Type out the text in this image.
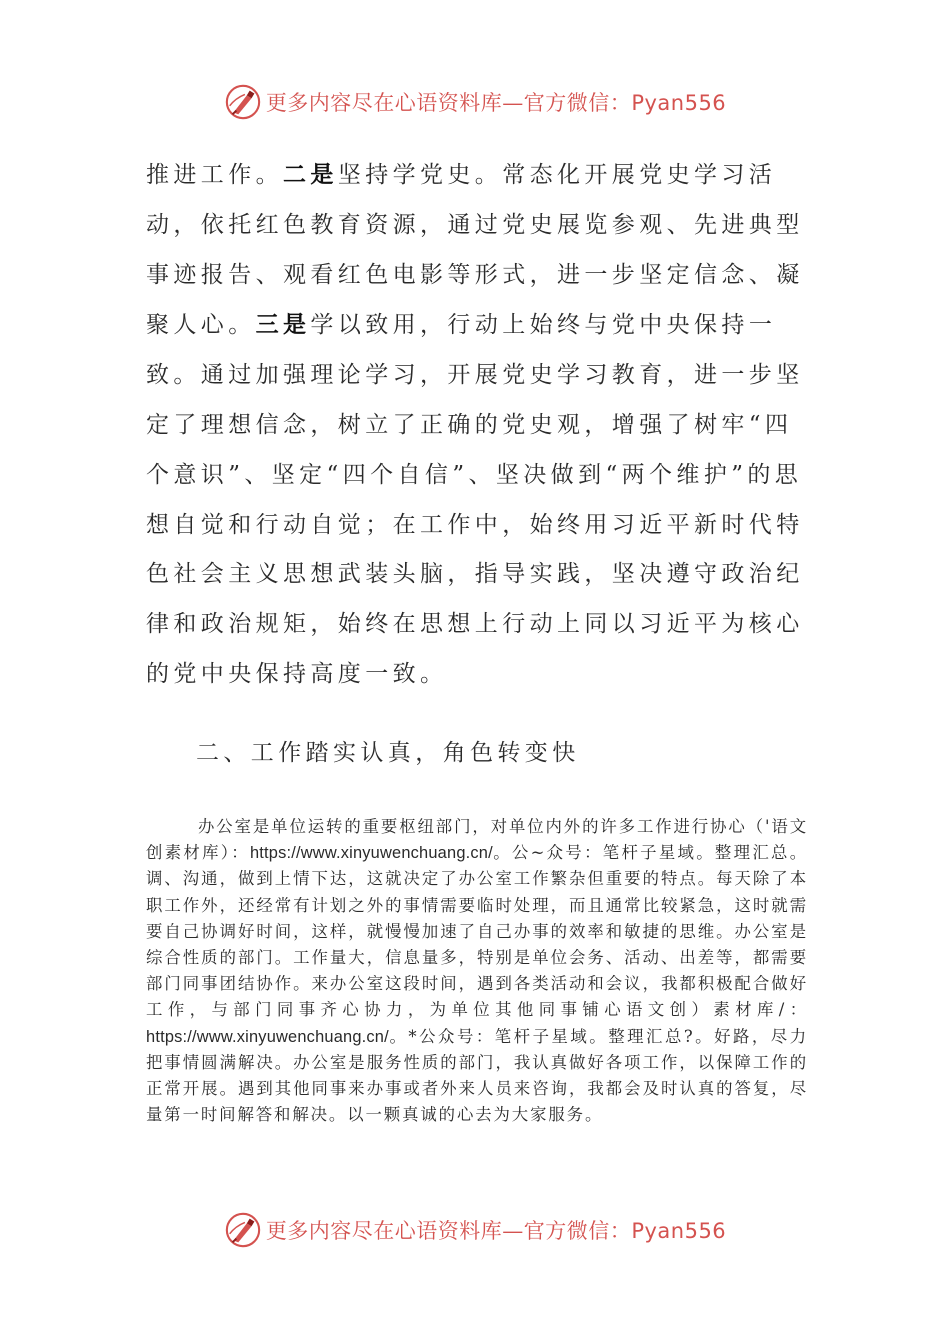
更多内容尽在心语资料库—官方微信：Pyan556

推进工作。二是坚持学党史。常态化开展党史学习活动，依托红色教育资源，通过党史展览参观、先进典型事迹报告、观看红色电影等形式，进一步坚定信念、凝聚人心。三是学以致用，行动上始终与党中央保持一致。通过加强理论学习，开展党史学习教育，进一步坚定了理想信念，树立了正确的党史观，增强了树牢“四个意识”、坚定“四个自信”、坚决做到“两个维护”的思想自觉和行动自觉；在工作中，始终用习近平新时代特色社会主义思想武装头脑，指导实践，坚决遵守政治纪律和政治规矩，始终在思想上行动上同以习近平为核心的党中央保持高度一致。

二、工作踏实认真，角色转变快
办公室是单位运转的重要枢纽部门，对单位内外的许多工作进行协心（'语文创素材库）：https://www.xinyuwenchuang.cn/。公~众号：笔杆子星域。整理汇总。调、沟通，做到上情下达，这就决定了办公室工作繁杂但重要的特点。每天除了本职工作外，还经常有计划之外的事情需要临时处理，而且通常比较紧急，这时就需要自己协调好时间，这样，就慢慢加速了自己办事的效率和敏捷的思维。办公室是综合性质的部门。工作量大，信息量多，特别是单位会务、活动、出差等，都需要部门同事团结协作。来办公室这段时间，遇到各类活动和会议，我都积极配合做好工作，与部门同事齐心协力，为单位其他同事铺心语文创）素材库/：https://www.xinyuwenchuang.cn/。*公众号：笔杆子星域。整理汇总?。好路，尽力把事情圆满解决。办公室是服务性质的部门，我认真做好各项工作，以保障工作的正常开展。遇到其他同事来办事或者外来人员来咨询，我都会及时认真的答复，尽量第一时间解答和解决。以一颗真诚的心去为大家服务。
更多内容尽在心语资料库—官方微信：Pyan556
